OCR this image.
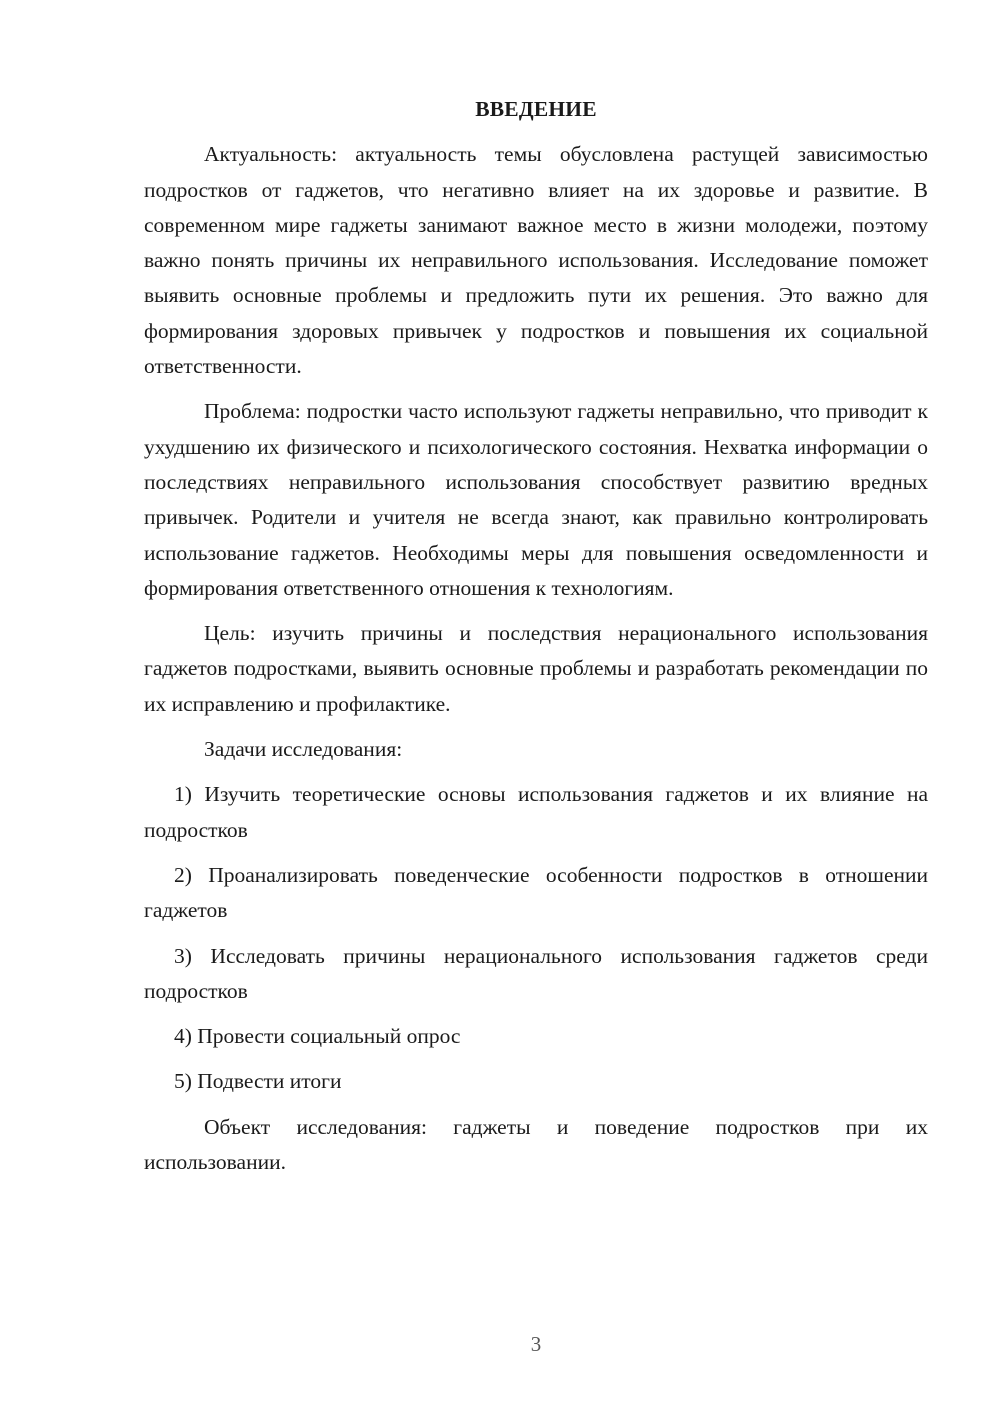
ВВЕДЕНИЕ

Актуальность: актуальность темы обусловлена растущей зависимостью подростков от гаджетов, что негативно влияет на их здоровье и развитие. В современном мире гаджеты занимают важное место в жизни молодежи, поэтому важно понять причины их неправильного использования. Исследование поможет выявить основные проблемы и предложить пути их решения. Это важно для формирования здоровых привычек у подростков и повышения их социальной ответственности.

Проблема: подростки часто используют гаджеты неправильно, что приводит к ухудшению их физического и психологического состояния. Нехватка информации о последствиях неправильного использования способствует развитию вредных привычек. Родители и учителя не всегда знают, как правильно контролировать использование гаджетов. Необходимы меры для повышения осведомленности и формирования ответственного отношения к технологиям.

Цель: изучить причины и последствия нерационального использования гаджетов подростками, выявить основные проблемы и разработать рекомендации по их исправлению и профилактике.

Задачи исследования:

1) Изучить теоретические основы использования гаджетов и их влияние на подростков

2) Проанализировать поведенческие особенности подростков в отношении гаджетов

3) Исследовать причины нерационального использования гаджетов среди подростков

4) Провести социальный опрос

5) Подвести итоги

Объект исследования: гаджеты и поведение подростков при их использовании.

3
